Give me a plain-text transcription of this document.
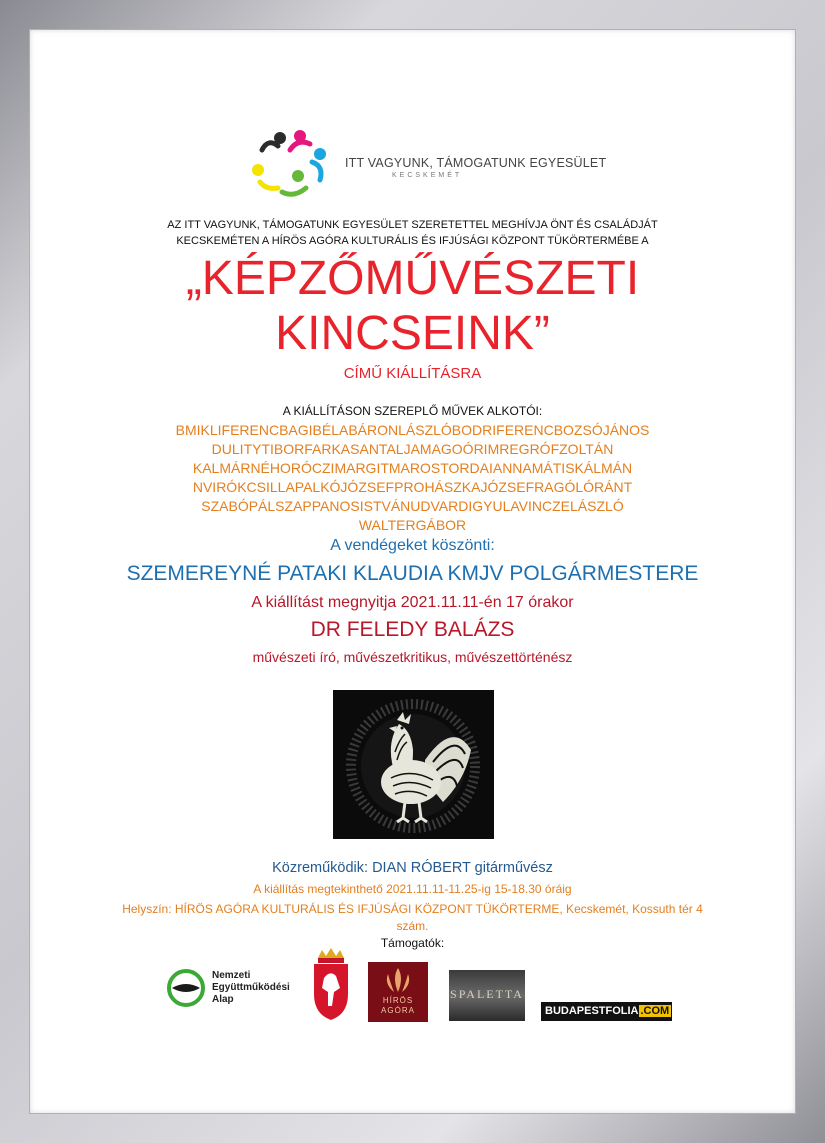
ITT VAGYUNK, TÁMOGATUNK EGYESÜLET
KECSKEMÉT
AZ ITT VAGYUNK, TÁMOGATUNK EGYESÜLET SZERETETTEL MEGHÍVJA ÖNT ÉS CSALÁDJÁT
KECSKEMÉTEN A HÍRÖS AGÓRA KULTURÁLIS ÉS IFJÚSÁGI KÖZPONT TÜKÖRTERMÉBE A
„KÉPZŐMŰVÉSZETI
KINCSEINK”
CÍMŰ KIÁLLÍTÁSRA
A KIÁLLÍTÁSON SZEREPLŐ MŰVEK ALKOTÓI:
BMIKLIFERENCBAGIBÉLABÁRONLÁSZLÓBODRIFERENCBOZSÓJÁNOS
DULITYTIBORFARKASANTALJAMAGOÓRIMREGRÓFZOLTÁN
KALMÁRNÉHORÓCZIMARGITMAROSTORDAIANNAMÁTISKÁLMÁN
NVIRÓKCSILLAPALKÓJÓZSEFPROHÁSZKAJÓZSEFRAGÓLÓRÁNT
SZABÓPÁLSZAPPANOSISTVÁNUDVARDIGYULAVINCZELÁSZLÓ
WALTERGÁBOR
A vendégeket köszönti:
SZEMEREYNÉ PATAKI KLAUDIA KMJV POLGÁRMESTERE
A kiállítást megnyitja 2021.11.11-én 17 órakor
DR FELEDY BALÁZS
művészeti író, művészetkritikus, művészettörténész
Közreműködik: DIAN RÓBERT gitárművész
A kiállítás megtekinthető 2021.11.11-11.25-ig 15-18.30 óráig
Helyszín: HÍRÖS AGÓRA KULTURÁLIS ÉS IFJÚSÁGI KÖZPONT TÜKÖRTERME, Kecskemét, Kossuth tér 4
szám.
Támogatók:
Nemzeti
Együttműködési
Alap	HÍRÖS
AGÓRA
SPALETTA
BUDAPESTFOLIA .COM
